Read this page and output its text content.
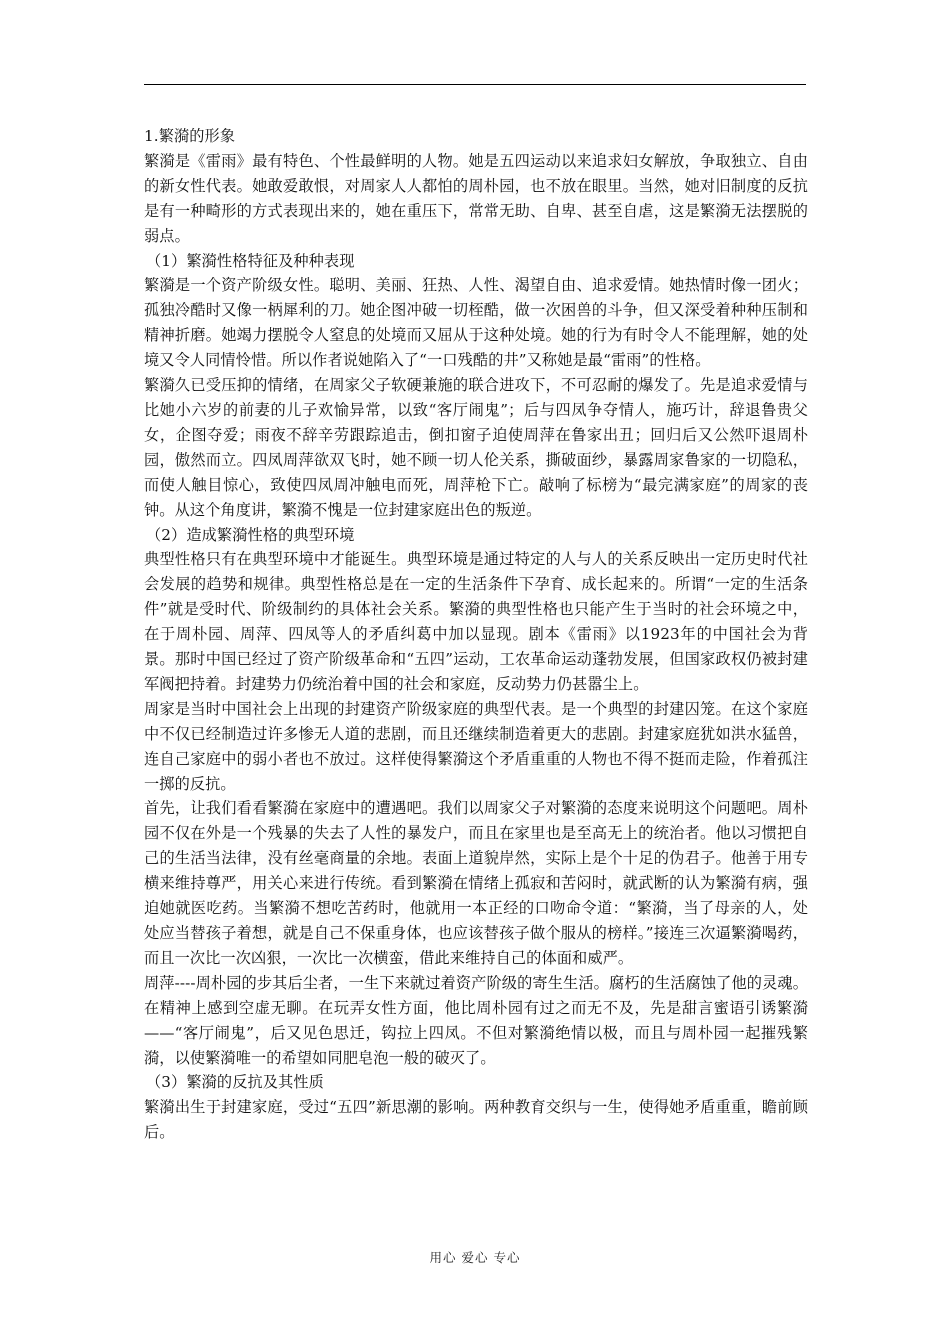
1.繁漪的形象

繁漪是《雷雨》最有特色、个性最鲜明的人物。她是五四运动以来追求妇女解放，争取独立、自由的新女性代表。她敢爱敢恨，对周家人人都怕的周朴园，也不放在眼里。当然，她对旧制度的反抗是有一种畸形的方式表现出来的，她在重压下，常常无助、自卑、甚至自虐，这是繁漪无法摆脱的弱点。

（1）繁漪性格特征及种种表现

繁漪是一个资产阶级女性。聪明、美丽、狂热、人性、渴望自由、追求爱情。她热情时像一团火；孤独冷酷时又像一柄犀利的刀。她企图冲破一切桎酷，做一次困兽的斗争，但又深受着种种压制和精神折磨。她竭力摆脱令人窒息的处境而又屈从于这种处境。她的行为有时令人不能理解，她的处境又令人同情怜惜。所以作者说她陷入了“一口残酷的井”又称她是最“雷雨”的性格。

繁漪久已受压抑的情绪，在周家父子软硬兼施的联合进攻下，不可忍耐的爆发了。先是追求爱情与比她小六岁的前妻的儿子欢愉异常，以致“客厅闹鬼”；后与四凤争夺情人，施巧计，辞退鲁贵父女，企图夺爱；雨夜不辞辛劳跟踪追击，倒扣窗子迫使周萍在鲁家出丑；回归后又公然吓退周朴园，傲然而立。四凤周萍欲双飞时，她不顾一切人伦关系，撕破面纱，暴露周家鲁家的一切隐私，而使人触目惊心，致使四凤周冲触电而死，周萍枪下亡。敲响了标榜为“最完满家庭”的周家的丧钟。从这个角度讲，繁漪不愧是一位封建家庭出色的叛逆。

（2）造成繁漪性格的典型环境

典型性格只有在典型环境中才能诞生。典型环境是通过特定的人与人的关系反映出一定历史时代社会发展的趋势和规律。典型性格总是在一定的生活条件下孕育、成长起来的。所谓“一定的生活条件”就是受时代、阶级制约的具体社会关系。繁漪的典型性格也只能产生于当时的社会环境之中，在于周朴园、周萍、四凤等人的矛盾纠葛中加以显现。剧本《雷雨》以1923年的中国社会为背景。那时中国已经过了资产阶级革命和“五四”运动，工农革命运动蓬勃发展，但国家政权仍被封建军阀把持着。封建势力仍统治着中国的社会和家庭，反动势力仍甚嚣尘上。

周家是当时中国社会上出现的封建资产阶级家庭的典型代表。是一个典型的封建囚笼。在这个家庭中不仅已经制造过许多惨无人道的悲剧，而且还继续制造着更大的悲剧。封建家庭犹如洪水猛兽，连自己家庭中的弱小者也不放过。这样使得繁漪这个矛盾重重的人物也不得不挺而走险，作着孤注一掷的反抗。

首先，让我们看看繁漪在家庭中的遭遇吧。我们以周家父子对繁漪的态度来说明这个问题吧。周朴园不仅在外是一个残暴的失去了人性的暴发户，而且在家里也是至高无上的统治者。他以习惯把自己的生活当法律，没有丝毫商量的余地。表面上道貌岸然，实际上是个十足的伪君子。他善于用专横来维持尊严，用关心来进行传统。看到繁漪在情绪上孤寂和苦闷时，就武断的认为繁漪有病，强迫她就医吃药。当繁漪不想吃苦药时，他就用一本正经的口吻命令道：“繁漪，当了母亲的人，处处应当替孩子着想，就是自己不保重身体，也应该替孩子做个服从的榜样。”接连三次逼繁漪喝药，而且一次比一次凶狠，一次比一次横蛮，借此来维持自己的体面和威严。

周萍----周朴园的步其后尘者，一生下来就过着资产阶级的寄生生活。腐朽的生活腐蚀了他的灵魂。在精神上感到空虚无聊。在玩弄女性方面，他比周朴园有过之而无不及，先是甜言蜜语引诱繁漪——“客厅闹鬼”，后又见色思迁，钩拉上四凤。不但对繁漪绝情以极，而且与周朴园一起摧残繁漪，以使繁漪唯一的希望如同肥皂泡一般的破灭了。

（3）繁漪的反抗及其性质

繁漪出生于封建家庭，受过“五四”新思潮的影响。两种教育交织与一生，使得她矛盾重重，瞻前顾后。

用心 爱心 专心
